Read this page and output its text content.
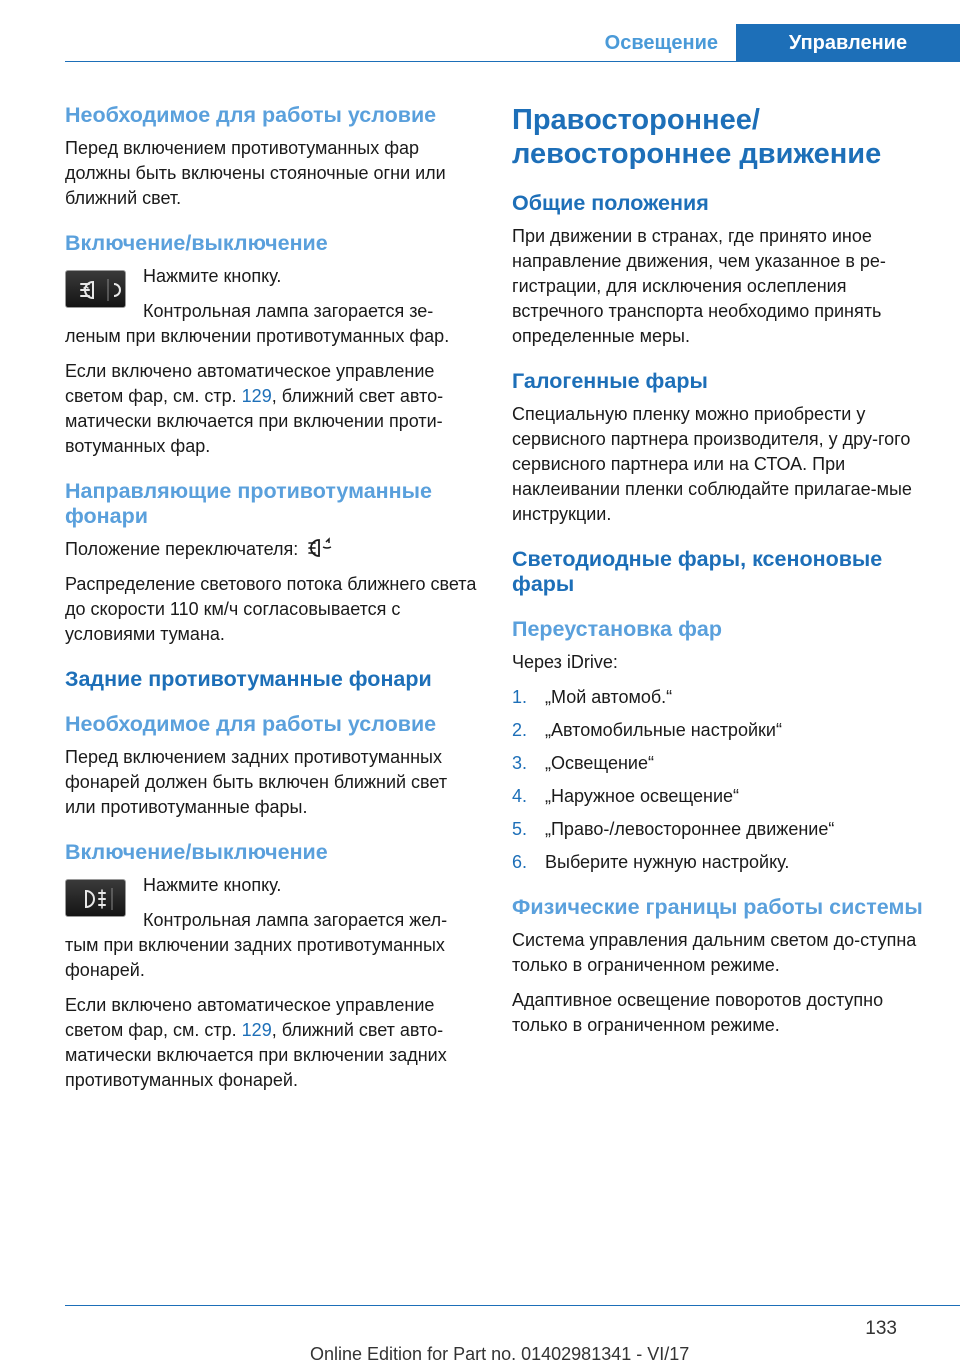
Освещение	Управление
Необходимое для работы условие

Перед включением противотуманных фар должны быть включены стояночные огни или ближний свет.

Включение/выключение

Нажмите кнопку.

Контрольная лампа загорается зе‐

леным при включении противотуманных фар.

Если включено автоматическое управление светом фар, см. стр. 129, ближний свет авто‐матически включается при включении проти‐вотуманных фар.

Направляющие противотуманные фонари

Положение переключателя:

Распределение светового потока ближнего света до скорости 110 км/ч согласовывается с условиями тумана.

Задние противотуманные фонари
Необходимое для работы условие

Перед включением задних противотуманных фонарей должен быть включен ближний свет или противотуманные фары.

Включение/выключение

Нажмите кнопку.

Контрольная лампа загорается жел‐

тым при включении задних противотуманных фонарей.

Если включено автоматическое управление светом фар, см. стр. 129, ближний свет авто‐матически включается при включении задних противотуманных фонарей.

Правостороннее/ левостороннее движение
Общие положения

При движении в странах, где принято иное направление движения, чем указанное в ре‐гистрации, для исключения ослепления встречного транспорта необходимо принять определенные меры.

Галогенные фары

Специальную пленку можно приобрести у сервисного партнера производителя, у дру‐гого сервисного партнера или на СТОА. При наклеивании пленки соблюдайте прилагае‐мые инструкции.

Светодиодные фары, ксеноновые фары
Переустановка фар

Через iDrive:

1. „Мой автомоб.“
2. „Автомобильные настройки“
3. „Освещение“
4. „Наружное освещение“
5. „Право-/левостороннее движение“
6. Выберите нужную настройку.
Физические границы работы системы

Система управления дальним светом до‐ступна только в ограниченном режиме.

Адаптивное освещение поворотов доступно только в ограниченном режиме.

133
Online Edition for Part no. 01402981341 - VI/17
